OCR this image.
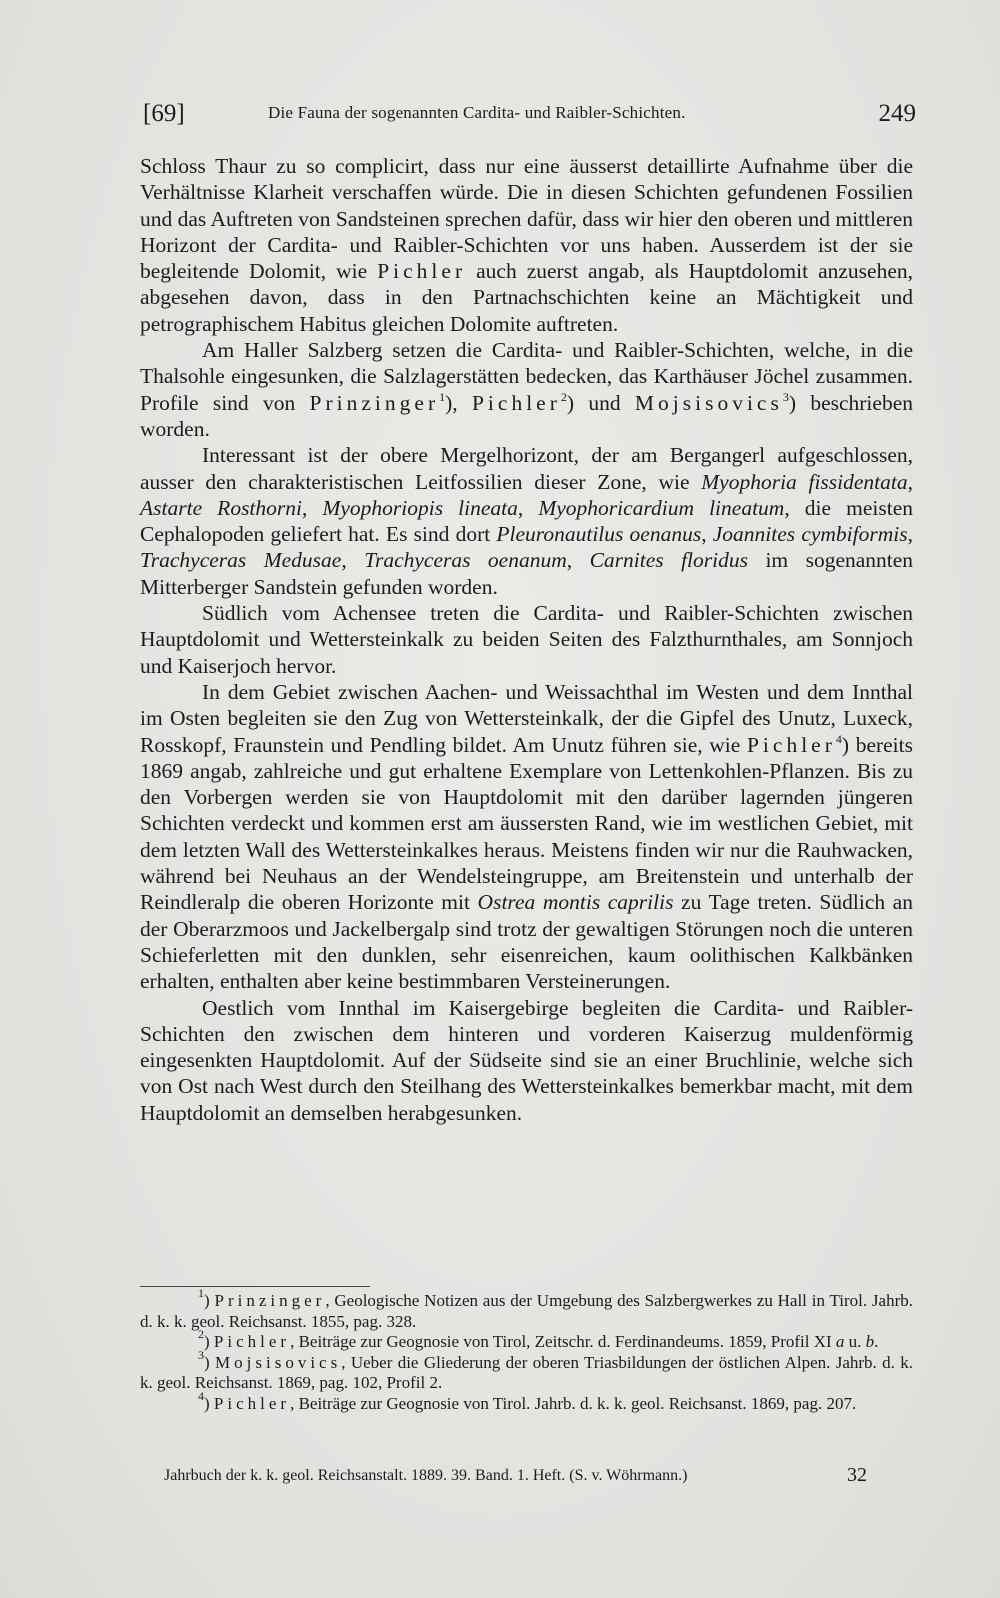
[69]	Die Fauna der sogenannten Cardita- und Raibler-Schichten.	249

Schloss Thaur zu so complicirt, dass nur eine äusserst detaillirte Aufnahme über die Verhältnisse Klarheit verschaffen würde. Die in diesen Schichten gefundenen Fossilien und das Auftreten von Sandsteinen sprechen dafür, dass wir hier den oberen und mittleren Horizont der Cardita- und Raibler-Schichten vor uns haben. Ausserdem ist der sie begleitende Dolomit, wie Pichler auch zuerst angab, als Hauptdolomit anzusehen, abgesehen davon, dass in den Partnachschichten keine an Mächtigkeit und petrographischem Habitus gleichen Dolomite auftreten.

Am Haller Salzberg setzen die Cardita- und Raibler-Schichten, welche, in die Thalsohle eingesunken, die Salzlagerstätten bedecken, das Karthäuser Jöchel zusammen. Profile sind von Prinzinger$^1$), Pichler$^2$) und Mojsisovics$^3$) beschrieben worden.

Interessant ist der obere Mergelhorizont, der am Bergangerl aufgeschlossen, ausser den charakteristischen Leitfossilien dieser Zone, wie Myophoria fissidentata, Astarte Rosthorni, Myophoriopis lineata, Myophoricardium lineatum, die meisten Cephalopoden geliefert hat. Es sind dort Pleuronautilus oenanus, Joannites cymbiformis, Trachyceras Medusae, Trachyceras oenanum, Carnites floridus im sogenannten Mitterberger Sandstein gefunden worden.

Südlich vom Achensee treten die Cardita- und Raibler-Schichten zwischen Hauptdolomit und Wettersteinkalk zu beiden Seiten des Falzthurnthales, am Sonnjoch und Kaiserjoch hervor.

In dem Gebiet zwischen Aachen- und Weissachthal im Westen und dem Innthal im Osten begleiten sie den Zug von Wettersteinkalk, der die Gipfel des Unutz, Luxeck, Rosskopf, Fraunstein und Pendling bildet. Am Unutz führen sie, wie Pichler$^4$) bereits 1869 angab, zahlreiche und gut erhaltene Exemplare von Lettenkohlen-Pflanzen. Bis zu den Vorbergen werden sie von Hauptdolomit mit den darüber lagernden jüngeren Schichten verdeckt und kommen erst am äussersten Rand, wie im westlichen Gebiet, mit dem letzten Wall des Wettersteinkalkes heraus. Meistens finden wir nur die Rauhwacken, während bei Neuhaus an der Wendelsteingruppe, am Breitenstein und unterhalb der Reindleralp die oberen Horizonte mit Ostrea montis caprilis zu Tage treten. Südlich an der Oberarzmoos und Jackelbergalp sind trotz der gewaltigen Störungen noch die unteren Schieferletten mit den dunklen, sehr eisenreichen, kaum oolithischen Kalkbänken erhalten, enthalten aber keine bestimmbaren Versteinerungen.

Oestlich vom Innthal im Kaisergebirge begleiten die Cardita- und Raibler-Schichten den zwischen dem hinteren und vorderen Kaiserzug muldenförmig eingesenkten Hauptdolomit. Auf der Südseite sind sie an einer Bruchlinie, welche sich von Ost nach West durch den Steilhang des Wettersteinkalkes bemerkbar macht, mit dem Hauptdolomit an demselben herabgesunken.

$^1$) Prinzinger, Geologische Notizen aus der Umgebung des Salzbergwerkes zu Hall in Tirol. Jahrb. d. k. k. geol. Reichsanst. 1855, pag. 328.

$^2$) Pichler, Beiträge zur Geognosie von Tirol, Zeitschr. d. Ferdinandeums. 1859, Profil XI a u. b.

$^3$) Mojsisovics, Ueber die Gliederung der oberen Triasbildungen der östlichen Alpen. Jahrb. d. k. k. geol. Reichsanst. 1869, pag. 102, Profil 2.

$^4$) Pichler, Beiträge zur Geognosie von Tirol. Jahrb. d. k. k. geol. Reichsanst. 1869, pag. 207.

Jahrbuch der k. k. geol. Reichsanstalt. 1889. 39. Band. 1. Heft. (S. v. Wöhrmann.)	32
